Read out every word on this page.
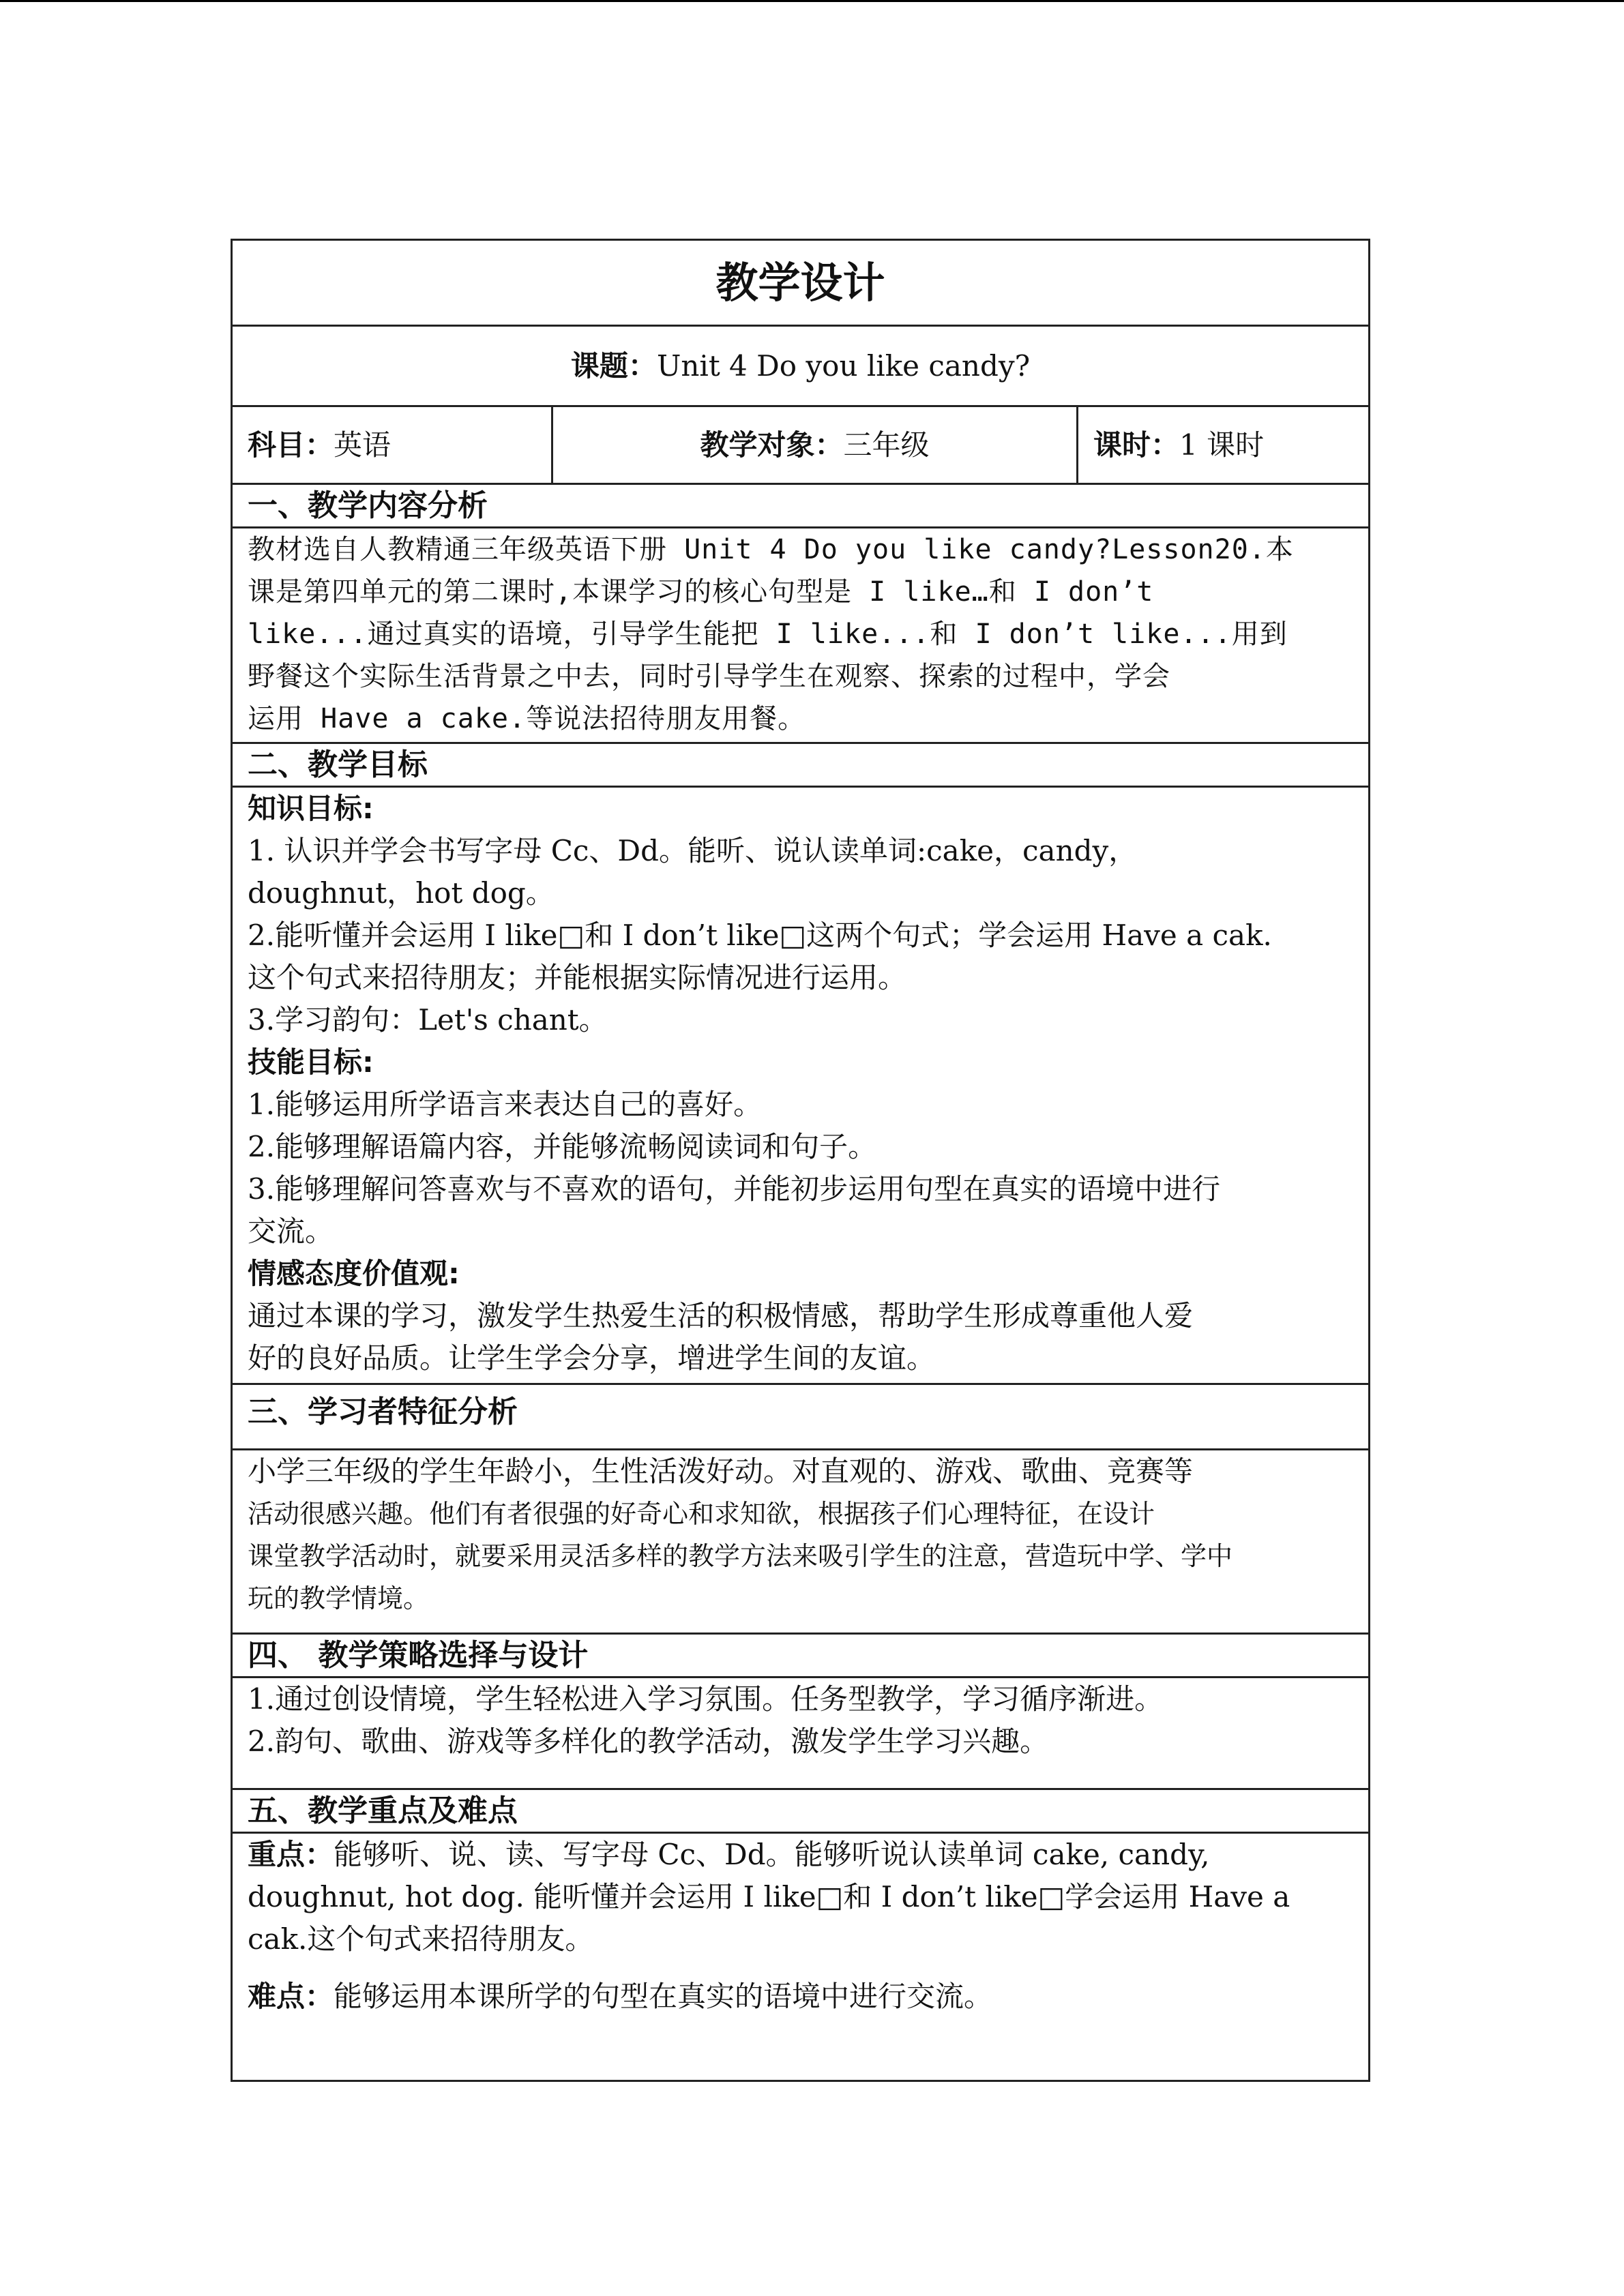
教学设计
课题：Unit 4 Do you like candy?
科目：英语	教学对象：三年级	课时：1 课时
一、教学内容分析

教材选自人教精通三年级英语下册 Unit 4 Do you like candy?Lesson20.本
课是第四单元的第二课时,本课学习的核心句型是 I like…和 I don’t
like...通过真实的语境，引导学生能把 I like...和 I don’t like...用到
野餐这个实际生活背景之中去，同时引导学生在观察、探索的过程中，学会
运用 Have a cake.等说法招待朋友用餐。

二、教学目标

知识目标:
1. 认识并学会书写字母 Cc、Dd。能听、说认读单词:cake，candy，
doughnut，hot dog。
2.能听懂并会运用 I like□和 I don’t like□这两个句式；学会运用 Have a cak.
这个句式来招待朋友；并能根据实际情况进行运用。
3.学习韵句：Let's chant。
技能目标:
1.能够运用所学语言来表达自己的喜好。
2.能够理解语篇内容，并能够流畅阅读词和句子。
3.能够理解问答喜欢与不喜欢的语句，并能初步运用句型在真实的语境中进行
交流。
情感态度价值观:
通过本课的学习，激发学生热爱生活的积极情感，帮助学生形成尊重他人爱
好的良好品质。让学生学会分享，增进学生间的友谊。

三、学习者特征分析

小学三年级的学生年龄小，生性活泼好动。对直观的、游戏、歌曲、竞赛等
活动很感兴趣。他们有者很强的好奇心和求知欲，根据孩子们心理特征，在设计
课堂教学活动时，就要采用灵活多样的教学方法来吸引学生的注意，营造玩中学、学中
玩的教学情境。

四、 教学策略选择与设计

1.通过创设情境，学生轻松进入学习氛围。任务型教学，学习循序渐进。
2.韵句、歌曲、游戏等多样化的教学活动，激发学生学习兴趣。

五、教学重点及难点

重点：能够听、说、读、写字母 Cc、Dd。能够听说认读单词 cake, candy,
doughnut, hot dog. 能听懂并会运用 I like□和 I don’t like□学会运用 Have a
cak.这个句式来招待朋友。
难点：能够运用本课所学的句型在真实的语境中进行交流。
